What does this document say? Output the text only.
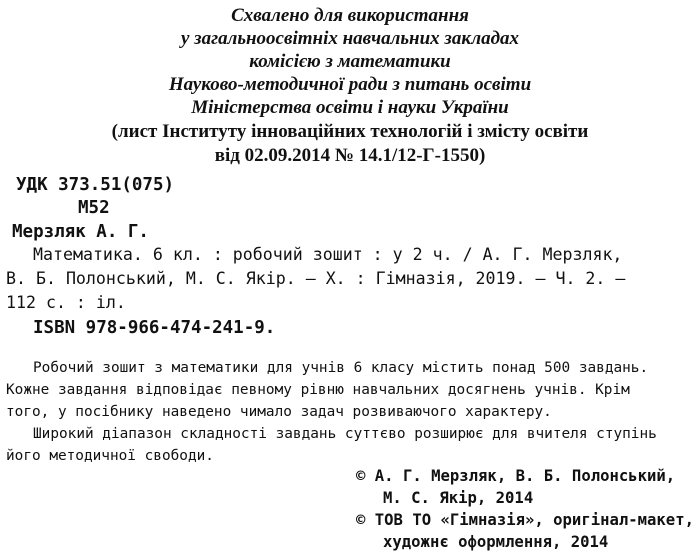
Схвалено для використання
у загальноосвітніх навчальних закладах
комісією з математики
Науково-методичної ради з питань освіти
Міністерства освіти і науки України
(лист Інституту інноваційних технологій і змісту освіти
від 02.09.2014 № 14.1/12-Г-1550)
УДК 373.51(075)
М52
Мерзляк А. Г.
Математика. 6 кл. : робочий зошит : у 2 ч. / А. Г. Мерзляк,
В. Б. Полонський, М. С. Якір. — Х. : Гімназія, 2019. — Ч. 2. —
112 с. : іл.
ISBN 978-966-474-241-9.
Робочий зошит з математики для учнів 6 класу містить понад 500 завдань.
Кожне завдання відповідає певному рівню навчальних досягнень учнів. Крім
того, у посібнику наведено чимало задач розвиваючого характеру.
Широкий діапазон складності завдань суттєво розширює для вчителя ступінь
його методичної свободи.
© А. Г. Мерзляк, В. Б. Полонський,
М. С. Якір, 2014
© ТОВ ТО «Гімназія», оригінал-макет,
художнє оформлення, 2014
